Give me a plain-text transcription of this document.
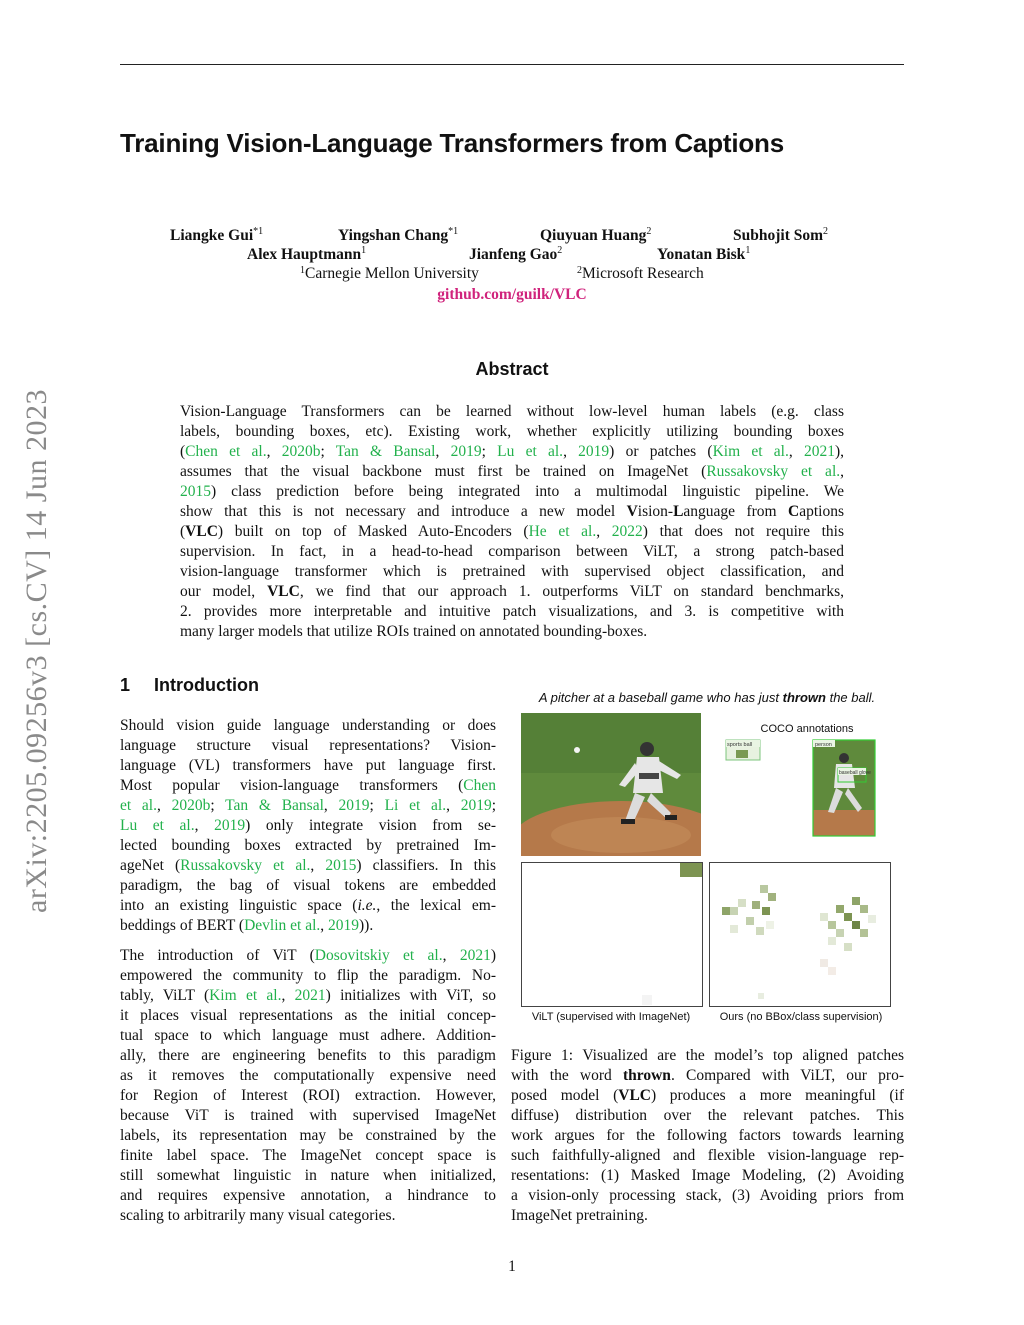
arXiv:2205.09256v3 [cs.CV] 14 Jun 2023
Training Vision-Language Transformers from Captions
Liangke Gui$^{*1}$	Yingshan Chang$^{*1}$	Qiuyuan Huang$^2$	Subhojit Som$^2$
Alex Hauptmann$^1$	Jianfeng Gao$^2$	Yonatan Bisk$^1$
$^1$ Carnegie Mellon University	$^2$ Microsoft Research
github.com/guilk/VLC
Abstract
Vision-Language Transformers can be learned without low-level human labels (e.g. class
labels, bounding boxes, etc). Existing work, whether explicitly utilizing bounding boxes
(Chen et al., 2020b; Tan & Bansal, 2019; Lu et al., 2019) or patches (Kim et al., 2021),
assumes that the visual backbone must first be trained on ImageNet (Russakovsky et al.,
2015) class prediction before being integrated into a multimodal linguistic pipeline. We
show that this is not necessary and introduce a new model Vision-Language from Captions
(VLC) built on top of Masked Auto-Encoders (He et al., 2022) that does not require this
supervision. In fact, in a head-to-head comparison between ViLT, a strong patch-based
vision-language transformer which is pretrained with supervised object classification, and
our model, VLC, we find that our approach 1. outperforms ViLT on standard benchmarks,
2. provides more interpretable and intuitive patch visualizations, and 3. is competitive with
many larger models that utilize ROIs trained on annotated bounding-boxes.
1 Introduction
Should vision guide language understanding or does
language structure visual representations? Vision-
language (VL) transformers have put language first.
Most popular vision-language transformers (Chen
et al., 2020b; Tan & Bansal, 2019; Li et al., 2019;
Lu et al., 2019) only integrate vision from se-
lected bounding boxes extracted by pretrained Im-
ageNet (Russakovsky et al., 2015) classifiers. In this
paradigm, the bag of visual tokens are embedded
into an existing linguistic space (i.e., the lexical em-
beddings of BERT (Devlin et al., 2019)).
The introduction of ViT (Dosovitskiy et al., 2021)
empowered the community to flip the paradigm. No-
tably, ViLT (Kim et al., 2021) initializes with ViT, so
it places visual representations as the initial concep-
tual space to which language must adhere. Addition-
ally, there are engineering benefits to this paradigm
as it removes the computationally expensive need
for Region of Interest (ROI) extraction. However,
because ViT is trained with supervised ImageNet
labels, its representation may be constrained by the
finite label space. The ImageNet concept space is
still somewhat linguistic in nature when initialized,
and requires expensive annotation, a hindrance to
scaling to arbitrarily many visual categories.
A pitcher at a baseball game who has just thrown the ball.
COCO annotations
sports ball	person
baseball glove
ViLT (supervised with ImageNet)	Ours (no BBox/class supervision)
Figure 1: Visualized are the model’s top aligned patches
with the word thrown. Compared with ViLT, our pro-
posed model (VLC) produces a more meaningful (if
diffuse) distribution over the relevant patches. This
work argues for the following factors towards learning
such faithfully-aligned and flexible vision-language rep-
resentations: (1) Masked Image Modeling, (2) Avoiding
a vision-only processing stack, (3) Avoiding priors from
ImageNet pretraining.
1
